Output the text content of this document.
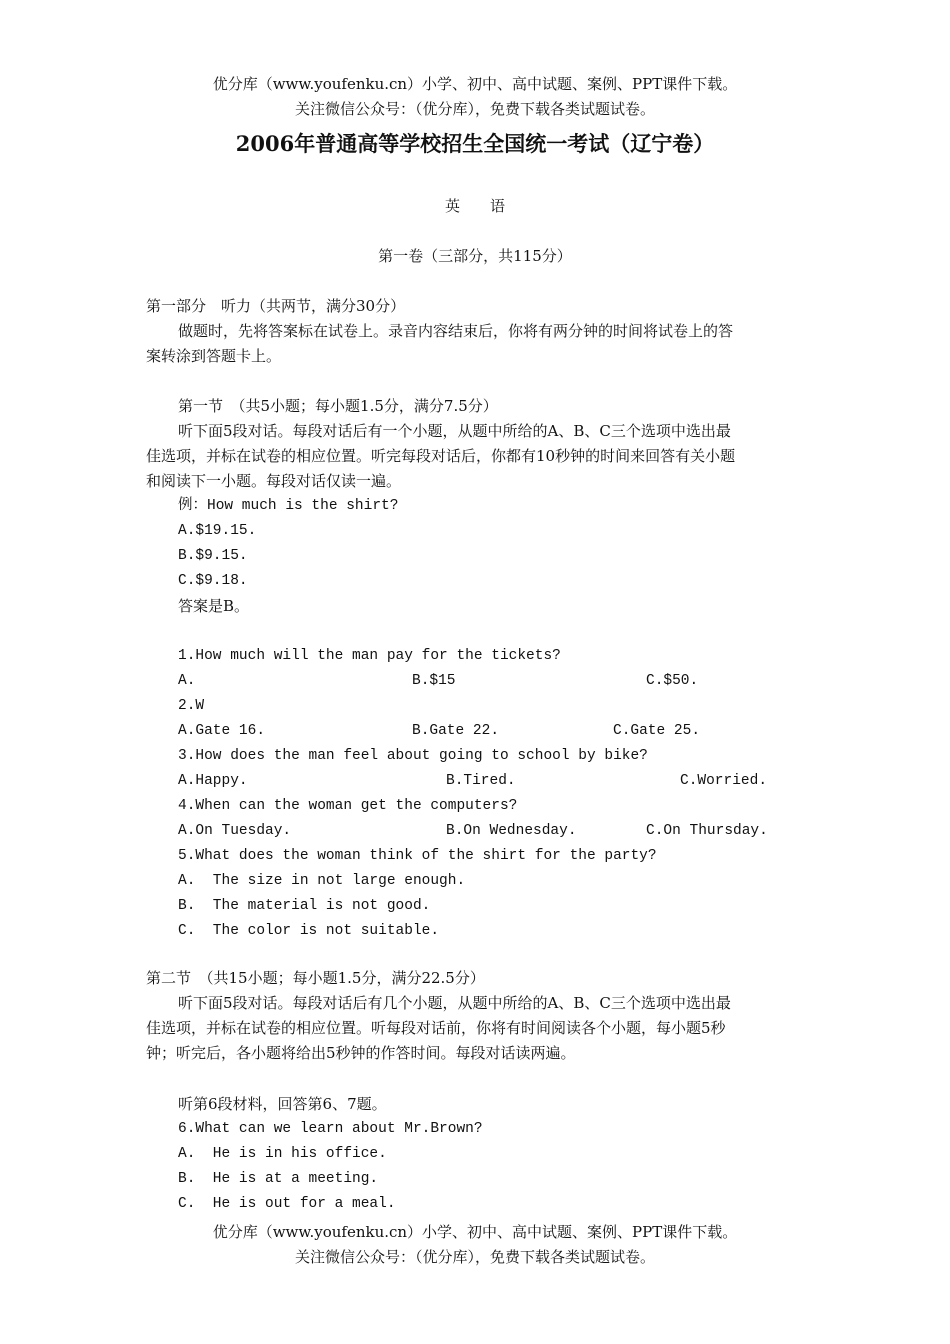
优分库（www.youfenku.cn）小学、初中、高中试题、案例、PPT课件下载。
关注微信公众号：（优分库），免费下载各类试题试卷。
2006年普通高等学校招生全国统一考试（辽宁卷）
英　　语
第一卷（三部分，共115分）
第一部分　听力（共两节，满分30分）
做题时，先将答案标在试卷上。录音内容结束后，你将有两分钟的时间将试卷上的答
案转涂到答题卡上。
第一节　（共5小题；每小题1.5分，满分7.5分）
听下面5段对话。每段对话后有一个小题，从题中所给的A、B、C三个选项中选出最
佳选项，并标在试卷的相应位置。听完每段对话后，你都有10秒钟的时间来回答有关小题
和阅读下一小题。每段对话仅读一遍。
例：How much is the shirt?
A.$19.15.
B.$9.15.
C.$9.18.
答案是B。
1.How much will the man pay for the tickets?
A.	B.$15	C.$50.
2.W
A.Gate 16.	B.Gate 22.	C.Gate 25.
3.How does the man feel about going to school by bike?
A.Happy.	B.Tired.	C.Worried.
4.When can the woman get the computers?
A.On Tuesday.	B.On Wednesday.	C.On Thursday.
5.What does the woman think of the shirt for the party?
A.  The size in not large enough.
B.  The material is not good.
C.  The color is not suitable.
第二节　（共15小题；每小题1.5分，满分22.5分）
听下面5段对话。每段对话后有几个小题，从题中所给的A、B、C三个选项中选出最
佳选项，并标在试卷的相应位置。听每段对话前，你将有时间阅读各个小题，每小题5秒
钟；听完后，各小题将给出5秒钟的作答时间。每段对话读两遍。
听第6段材料，回答第6、7题。
6.What can we learn about Mr.Brown?
A.  He is in his office.
B.  He is at a meeting.
C.  He is out for a meal.
优分库（www.youfenku.cn）小学、初中、高中试题、案例、PPT课件下载。
关注微信公众号：（优分库），免费下载各类试题试卷。
